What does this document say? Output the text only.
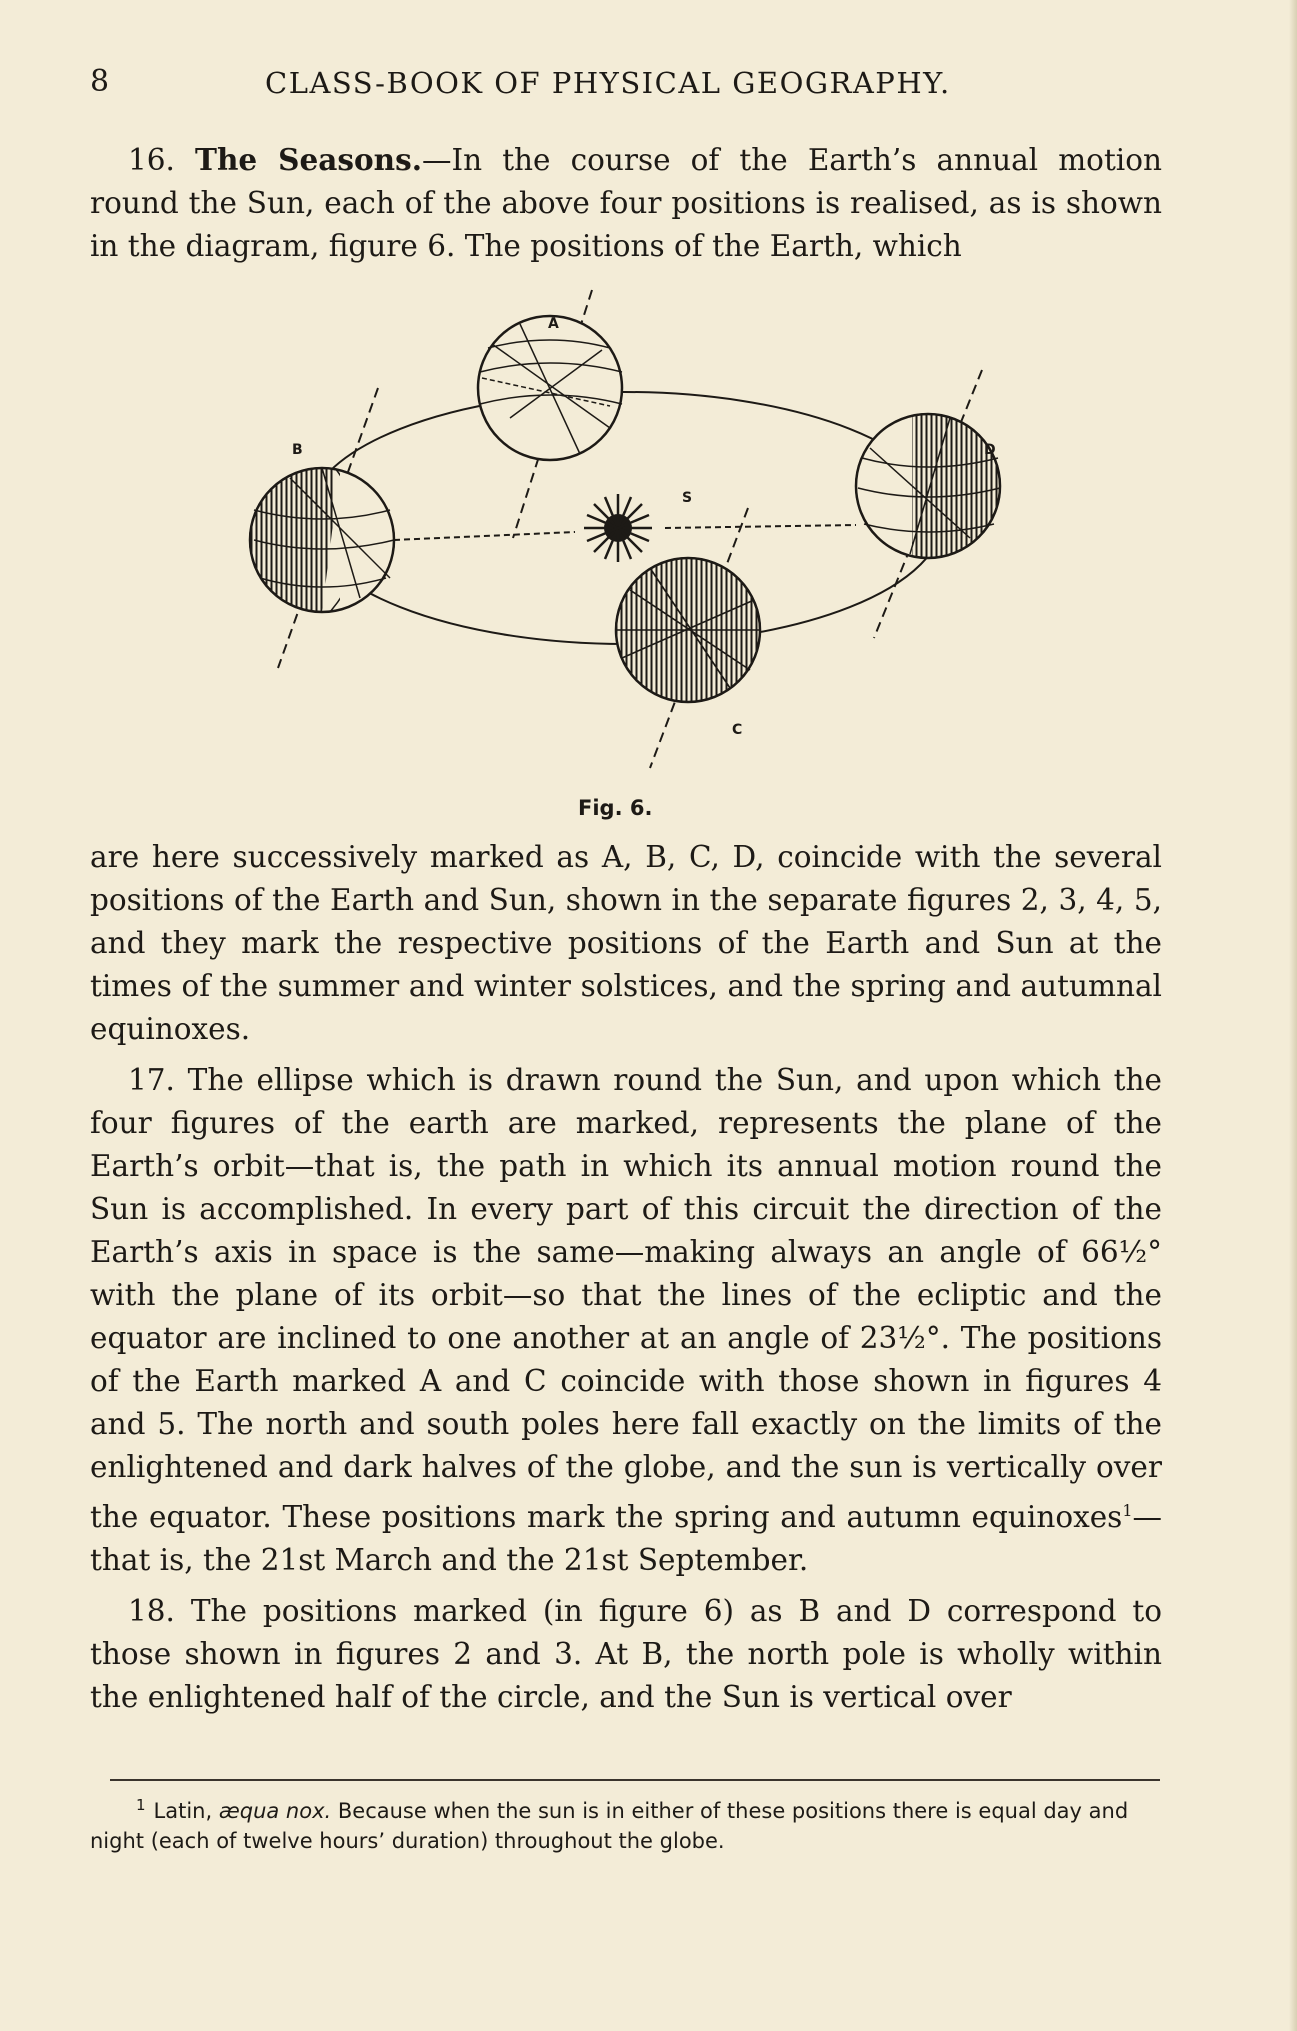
8	CLASS-BOOK OF PHYSICAL GEOGRAPHY.

16. The Seasons.—In the course of the Earth’s annual motion round the Sun, each of the above four positions is realised, as is shown in the diagram, figure 6. The positions of the Earth, which

A
B	D
C
S
Fig. 6.

are here successively marked as A, B, C, D, coincide with the several positions of the Earth and Sun, shown in the separate figures 2, 3, 4, 5, and they mark the respective positions of the Earth and Sun at the times of the summer and winter solstices, and the spring and autumnal equinoxes.

17. The ellipse which is drawn round the Sun, and upon which the four figures of the earth are marked, represents the plane of the Earth’s orbit—that is, the path in which its annual motion round the Sun is accomplished. In every part of this circuit the direction of the Earth’s axis in space is the same—making always an angle of 66½° with the plane of its orbit—so that the lines of the ecliptic and the equator are inclined to one another at an angle of 23½°. The positions of the Earth marked A and C coincide with those shown in figures 4 and 5. The north and south poles here fall exactly on the limits of the enlightened and dark halves of the globe, and the sun is vertically over the equator. These positions mark the spring and autumn equinoxes$^1$—that is, the 21st March and the 21st September.

18. The positions marked (in figure 6) as B and D correspond to those shown in figures 2 and 3. At B, the north pole is wholly within the enlightened half of the circle, and the Sun is vertical over

$^1$ Latin, æqua nox. Because when the sun is in either of these positions there is equal day and night (each of twelve hours’ duration) throughout the globe.
